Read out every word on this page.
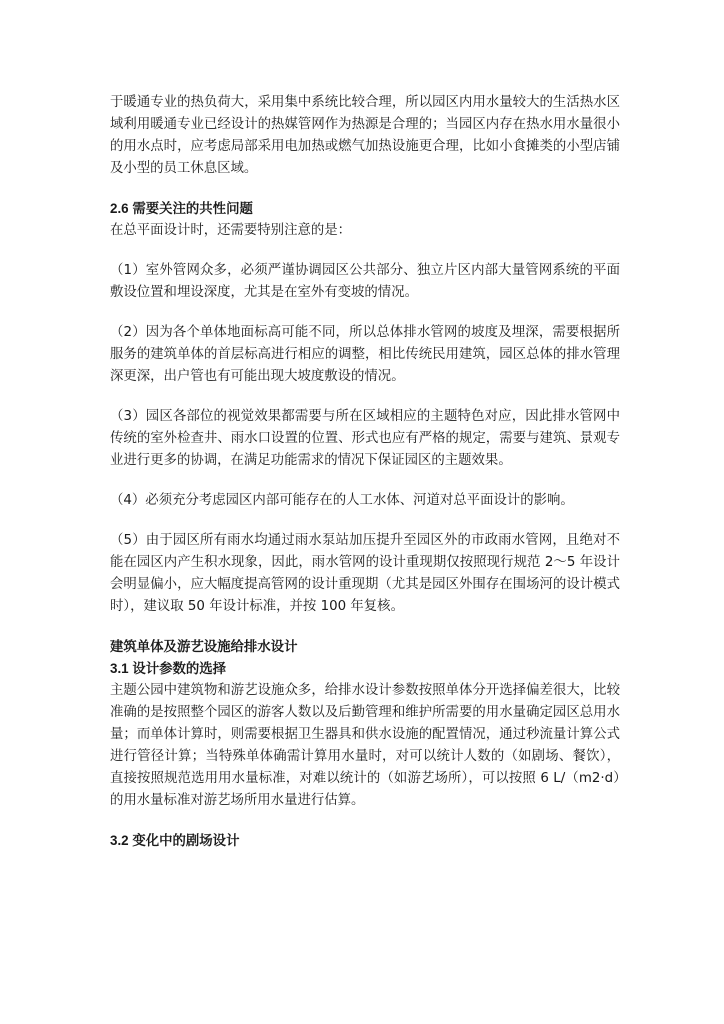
于暖通专业的热负荷大，采用集中系统比较合理，所以园区内用水量较大的生活热水区域利用暖通专业已经设计的热媒管网作为热源是合理的；当园区内存在热水用水量很小的用水点时，应考虑局部采用电加热或燃气加热设施更合理，比如小食摊类的小型店铺及小型的员工休息区域。

2.6 需要关注的共性问题

在总平面设计时，还需要特别注意的是：

（1）室外管网众多，必须严谨协调园区公共部分、独立片区内部大量管网系统的平面敷设位置和埋设深度，尤其是在室外有变坡的情况。

（2）因为各个单体地面标高可能不同，所以总体排水管网的坡度及埋深，需要根据所服务的建筑单体的首层标高进行相应的调整，相比传统民用建筑，园区总体的排水管理深更深，出户管也有可能出现大坡度敷设的情况。

（3）园区各部位的视觉效果都需要与所在区域相应的主题特色对应，因此排水管网中传统的室外检查井、雨水口设置的位置、形式也应有严格的规定，需要与建筑、景观专业进行更多的协调，在满足功能需求的情况下保证园区的主题效果。

（4）必须充分考虑园区内部可能存在的人工水体、河道对总平面设计的影响。

（5）由于园区所有雨水均通过雨水泵站加压提升至园区外的市政雨水管网，且绝对不能在园区内产生积水现象，因此，雨水管网的设计重现期仅按照现行规范 2～5 年设计会明显偏小，应大幅度提高管网的设计重现期（尤其是园区外围存在围场河的设计模式时），建议取 50 年设计标准，并按 100 年复核。

建筑单体及游艺设施给排水设计

3.1 设计参数的选择

主题公园中建筑物和游艺设施众多，给排水设计参数按照单体分开选择偏差很大，比较准确的是按照整个园区的游客人数以及后勤管理和维护所需要的用水量确定园区总用水量；而单体计算时，则需要根据卫生器具和供水设施的配置情况，通过秒流量计算公式进行管径计算；当特殊单体确需计算用水量时，对可以统计人数的（如剧场、餐饮），直接按照规范选用用水量标准，对难以统计的（如游艺场所），可以按照 6 L/（m2·d）的用水量标准对游艺场所用水量进行估算。

3.2 变化中的剧场设计
